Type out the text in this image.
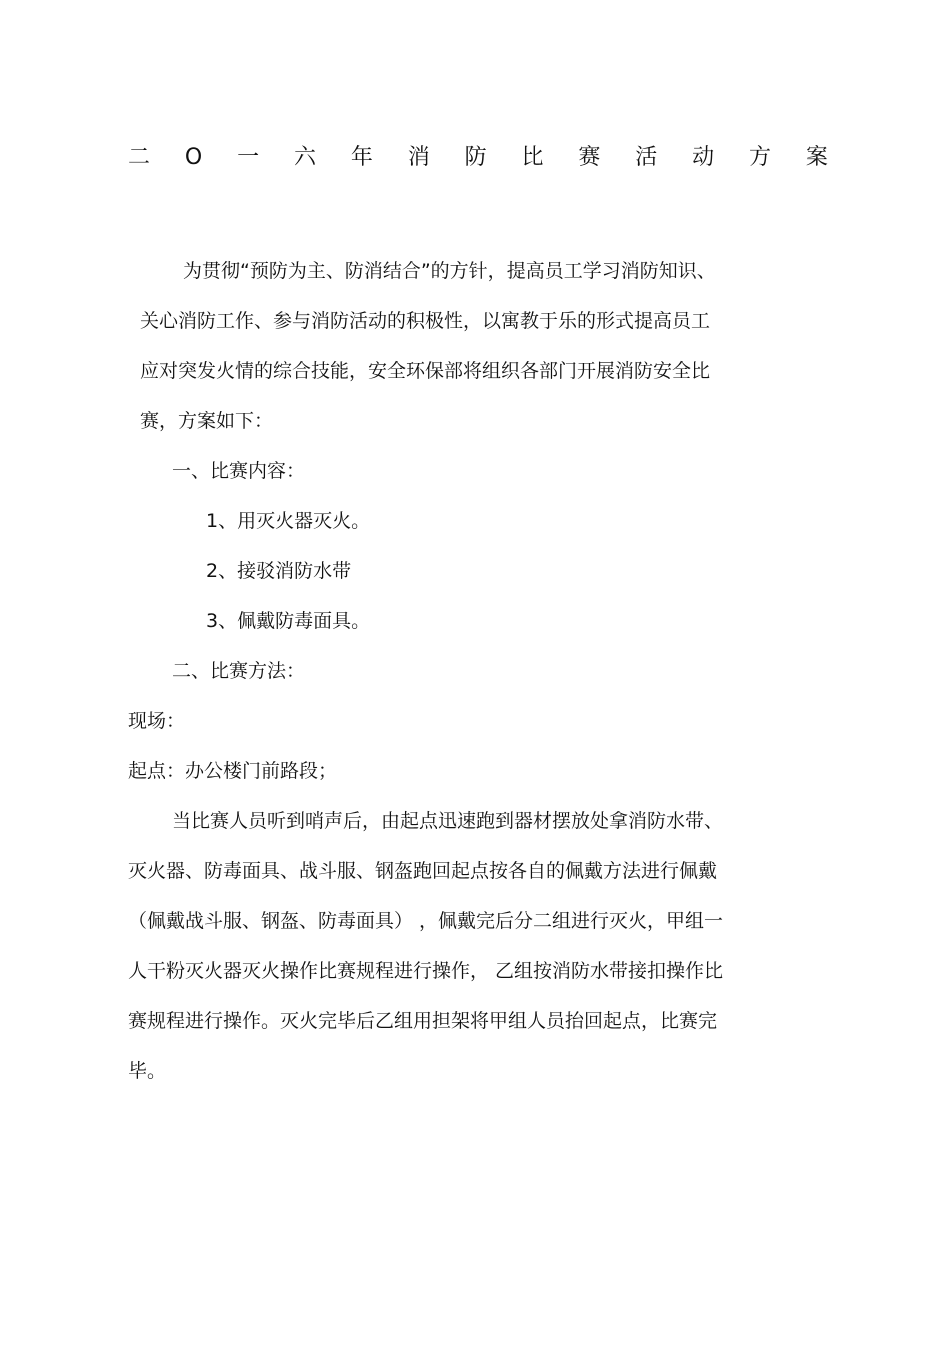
二 O 一 六 年 消 防 比 赛 活 动 方 案

为贯彻“预防为主、防消结合”的方针，提高员工学习消防知识、

关心消防工作、参与消防活动的积极性，以寓教于乐的形式提高员工

应对突发火情的综合技能，安全环保部将组织各部门开展消防安全比

赛，方案如下：

一、比赛内容：

1、用灭火器灭火。

2、接驳消防水带

3、佩戴防毒面具。

二、比赛方法：

现场：

起点：办公楼门前路段；

当比赛人员听到哨声后，由起点迅速跑到器材摆放处拿消防水带、

灭火器、防毒面具、战斗服、钢盔跑回起点按各自的佩戴方法进行佩戴

（佩戴战斗服、钢盔、防毒面具） ，佩戴完后分二组进行灭火，甲组一

人干粉灭火器灭火操作比赛规程进行操作， 乙组按消防水带接扣操作比

赛规程进行操作。灭火完毕后乙组用担架将甲组人员抬回起点，比赛完

毕。
